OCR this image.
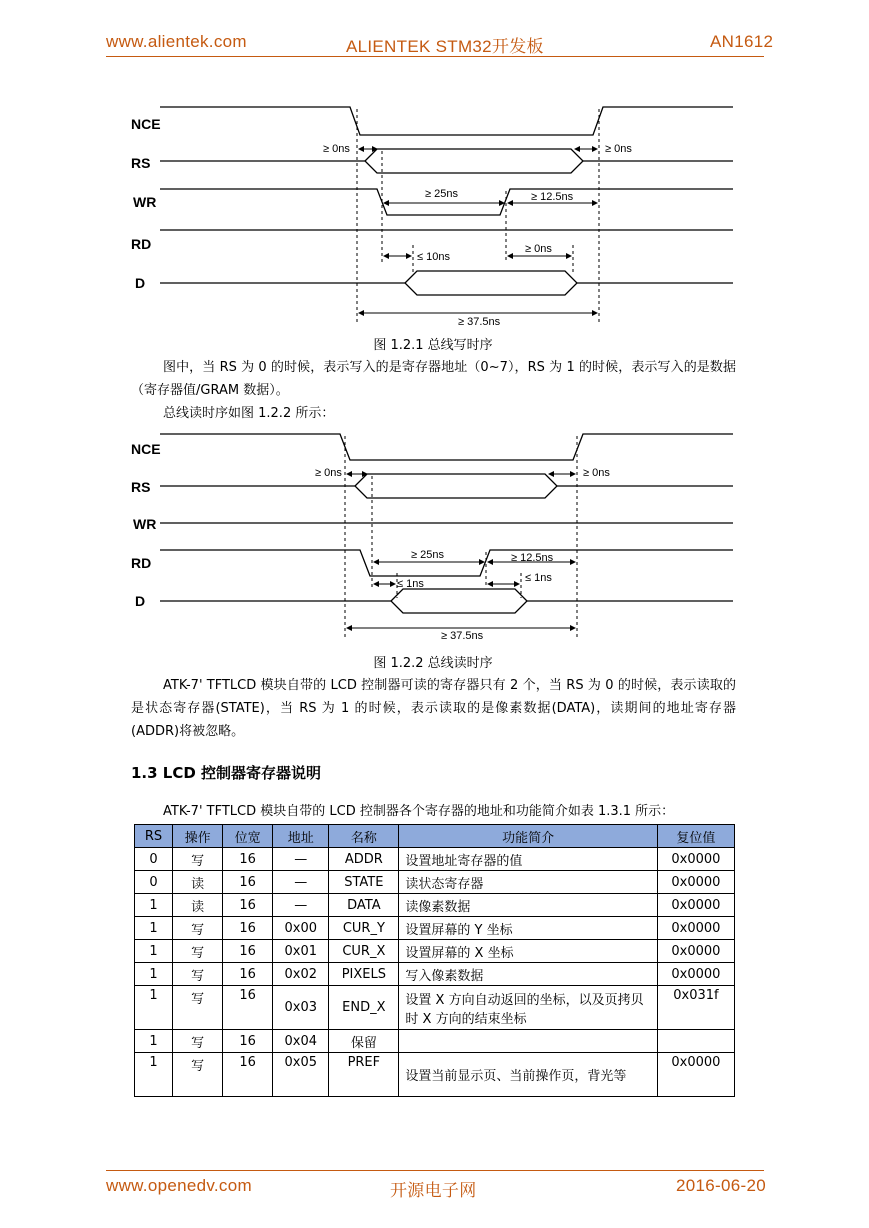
www.alientek.com	ALIENTEK STM32开发板	AN1612
NCE
RS
WR
RD
D
≥ 0ns	≥ 0ns
≥ 25ns	≥ 12.5ns
≥ 0ns
≤ 10ns
≥ 37.5ns
图 1.2.1 总线写时序
图中，当 RS 为 0 的时候，表示写入的是寄存器地址（0~7），RS 为 1 的时候，表示写入的是数据（寄存器值/GRAM 数据）。
总线读时序如图 1.2.2 所示：
NCE
RS
WR
RD
D
≥ 0ns	≥ 0ns
≥ 25ns	≥ 12.5ns
≤ 1ns	≤ 1ns
≥ 37.5ns
图 1.2.2 总线读时序
ATK-7' TFTLCD 模块自带的 LCD 控制器可读的寄存器只有 2 个，当 RS 为 0 的时候，表示读取的是状态寄存器(STATE)，当 RS 为 1 的时候，表示读取的是像素数据(DATA)，读期间的地址寄存器(ADDR)将被忽略。
1.3 LCD 控制器寄存器说明
ATK-7' TFTLCD 模块自带的 LCD 控制器各个寄存器的地址和功能简介如表 1.3.1 所示：
RS	操作	位宽	地址	名称	功能简介	复位值
0	写	16	—	ADDR	设置地址寄存器的值	0x0000
0	读	16	—	STATE	读状态寄存器	0x0000
1	读	16	—	DATA	读像素数据	0x0000
1	写	16	0x00	CUR_Y	设置屏幕的 Y 坐标	0x0000
1	写	16	0x01	CUR_X	设置屏幕的 X 坐标	0x0000
1	写	16	0x02	PIXELS	写入像素数据	0x0000
1	写	16	0x03	END_X	设置 X 方向自动返回的坐标，以及页拷贝时 X 方向的结束坐标	0x031f
1	写	16	0x04	保留		
1	写	16	0x05	PREF	设置当前显示页、当前操作页，背光等	0x0000
www.openedv.com	开源电子网	2016-06-20
